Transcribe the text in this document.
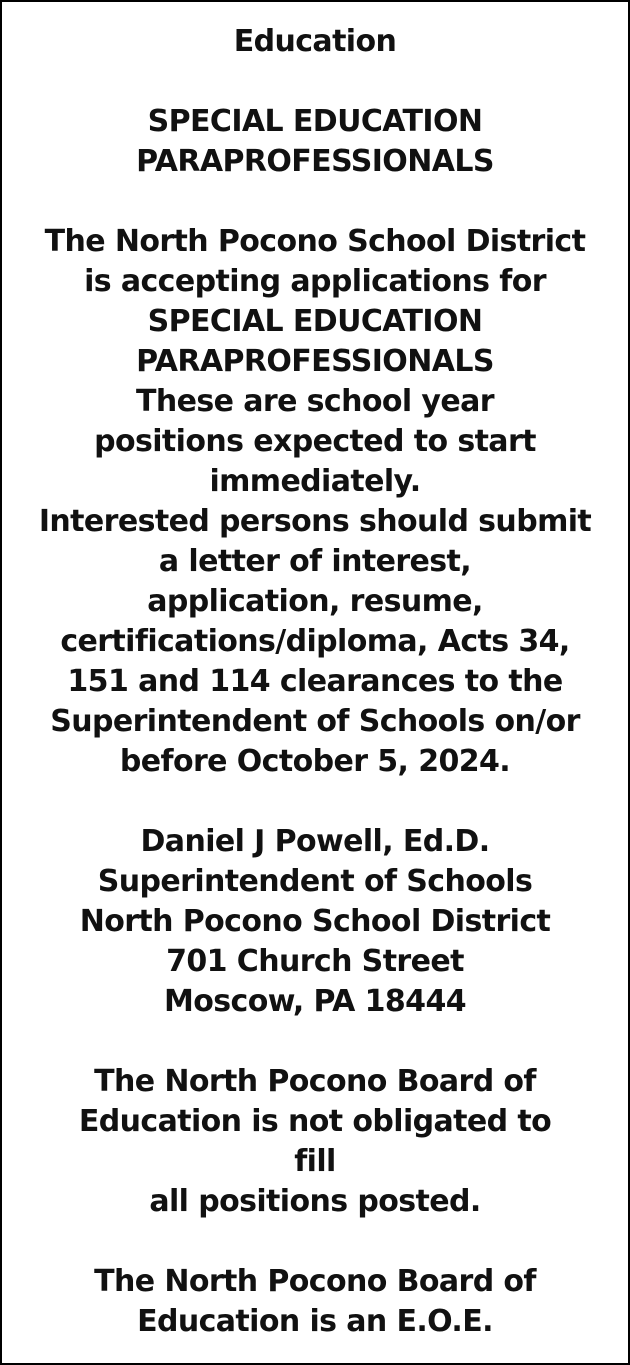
Education
SPECIAL EDUCATION
PARAPROFESSIONALS
The North Pocono School District
is accepting applications for
SPECIAL EDUCATION
PARAPROFESSIONALS
These are school year
positions expected to start
immediately.
Interested persons should submit
a letter of interest,
application, resume,
certifications/diploma, Acts 34,
151 and 114 clearances to the
Superintendent of Schools on/or
before October 5, 2024.
Daniel J Powell, Ed.D.
Superintendent of Schools
North Pocono School District
701 Church Street
Moscow, PA 18444
The North Pocono Board of
Education is not obligated to
fill
all positions posted.
The North Pocono Board of
Education is an E.O.E.
